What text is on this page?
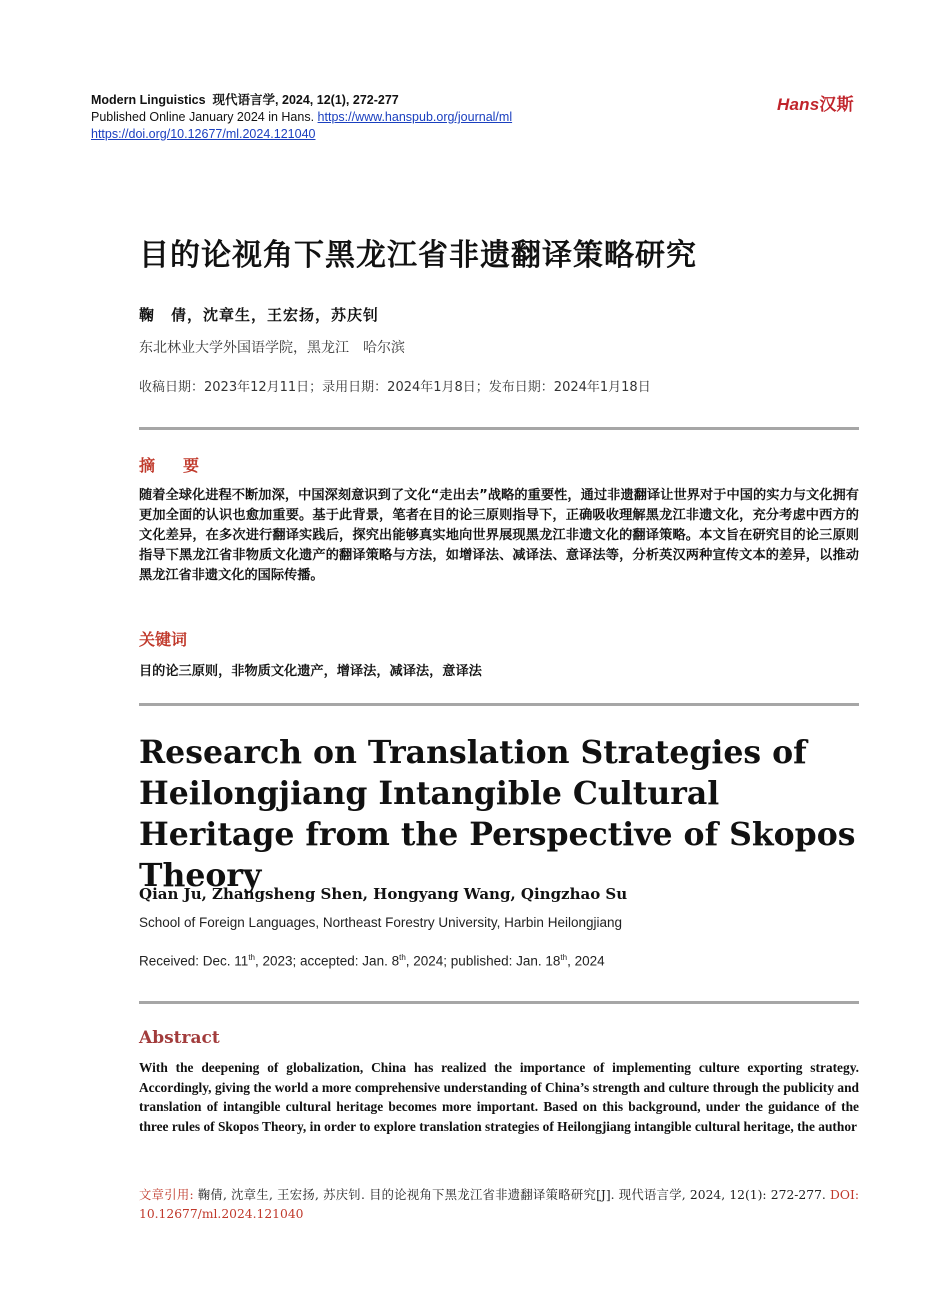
Modern Linguistics 现代语言学, 2024, 12(1), 272-277
Published Online January 2024 in Hans. https://www.hanspub.org/journal/ml
https://doi.org/10.12677/ml.2024.121040
Hans汉斯
目的论视角下黑龙江省非遗翻译策略研究
鞠　倩，沈章生，王宏扬，苏庆钊
东北林业大学外国语学院，黑龙江　哈尔滨
收稿日期：2023年12月11日；录用日期：2024年1月8日；发布日期：2024年1月18日
摘　要
随着全球化进程不断加深，中国深刻意识到了文化“走出去”战略的重要性，通过非遗翻译让世界对于中国的实力与文化拥有更加全面的认识也愈加重要。基于此背景，笔者在目的论三原则指导下，正确吸收理解黑龙江非遗文化，充分考虑中西方的文化差异，在多次进行翻译实践后，探究出能够真实地向世界展现黑龙江非遗文化的翻译策略。本文旨在研究目的论三原则指导下黑龙江省非物质文化遗产的翻译策略与方法，如增译法、减译法、意译法等，分析英汉两种宣传文本的差异，以推动黑龙江省非遗文化的国际传播。
关键词
目的论三原则，非物质文化遗产，增译法，减译法，意译法
Research on Translation Strategies of Heilongjiang Intangible Cultural Heritage from the Perspective of Skopos Theory
Qian Ju, Zhangsheng Shen, Hongyang Wang, Qingzhao Su
School of Foreign Languages, Northeast Forestry University, Harbin Heilongjiang
Received: Dec. 11th, 2023; accepted: Jan. 8th, 2024; published: Jan. 18th, 2024
Abstract
With the deepening of globalization, China has realized the importance of implementing culture exporting strategy. Accordingly, giving the world a more comprehensive understanding of China’s strength and culture through the publicity and translation of intangible cultural heritage becomes more important. Based on this background, under the guidance of the three rules of Skopos Theory, in order to explore translation strategies of Heilongjiang intangible cultural heritage, the author
文章引用: 鞠倩, 沈章生, 王宏扬, 苏庆钊. 目的论视角下黑龙江省非遗翻译策略研究[J]. 现代语言学, 2024, 12(1): 272-277. DOI: 10.12677/ml.2024.121040
